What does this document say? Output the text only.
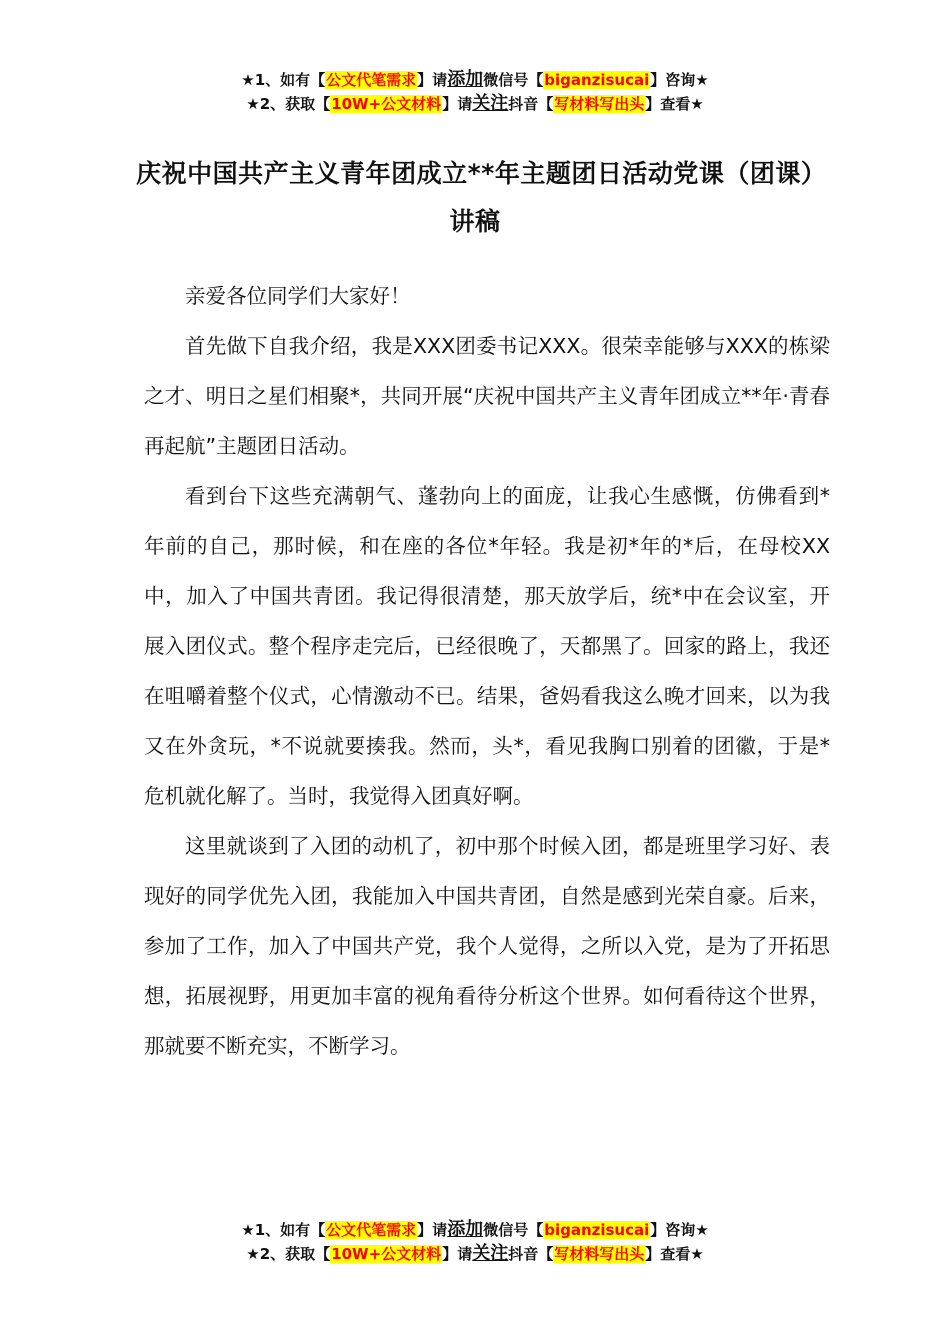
★1、如有【公文代笔需求】请添加微信号【biganzisucai】咨询★
★2、获取【10W+公文材料】请关注抖音【写材料写出头】查看★
庆祝中国共产主义青年团成立**年主题团日活动党课（团课）讲稿

亲爱各位同学们大家好！

首先做下自我介绍，我是XXX团委书记XXX。很荣幸能够与XXX的栋梁之才、明日之星们相聚*，共同开展“庆祝中国共产主义青年团成立**年·青春再起航”主题团日活动。

看到台下这些充满朝气、蓬勃向上的面庞，让我心生感慨，仿佛看到*年前的自己，那时候，和在座的各位*年轻。我是初*年的*后，在母校XX中，加入了中国共青团。我记得很清楚，那天放学后，统*中在会议室，开展入团仪式。整个程序走完后，已经很晚了，天都黑了。回家的路上，我还在咀嚼着整个仪式，心情激动不已。结果，爸妈看我这么晚才回来，以为我又在外贪玩，*不说就要揍我。然而，头*，看见我胸口别着的团徽，于是*危机就化解了。当时，我觉得入团真好啊。

这里就谈到了入团的动机了，初中那个时候入团，都是班里学习好、表现好的同学优先入团，我能加入中国共青团，自然是感到光荣自豪。后来，参加了工作，加入了中国共产党，我个人觉得，之所以入党，是为了开拓思想，拓展视野，用更加丰富的视角看待分析这个世界。如何看待这个世界，那就要不断充实，不断学习。

★1、如有【公文代笔需求】请添加微信号【biganzisucai】咨询★
★2、获取【10W+公文材料】请关注抖音【写材料写出头】查看★
